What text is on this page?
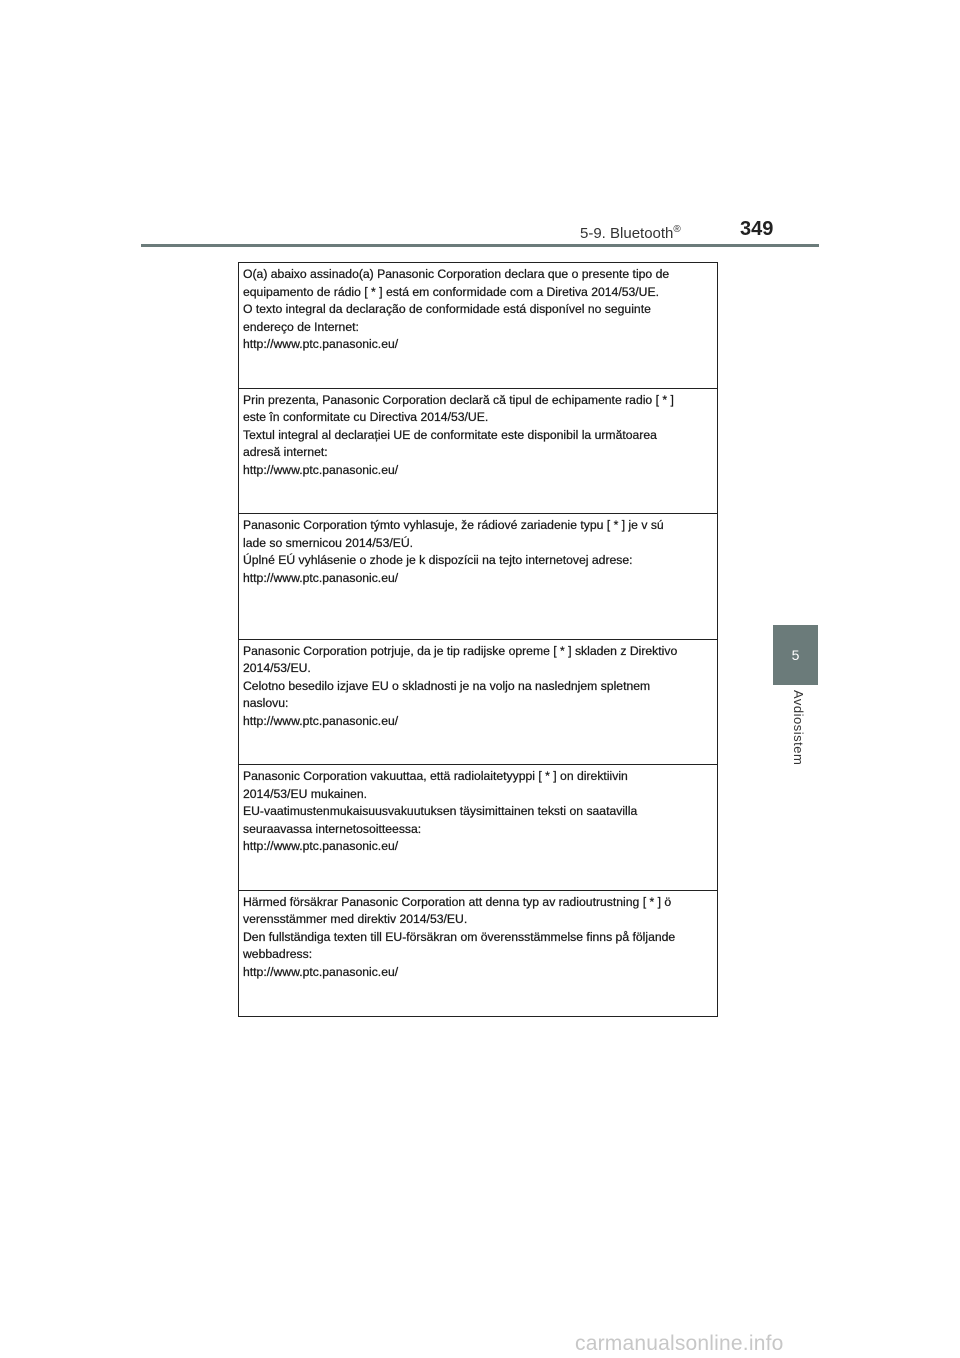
5-9. Bluetooth®	349
5
Avdiosistem
O(a) abaixo assinado(a) Panasonic Corporation declara que o presente tipo de
equipamento de rádio [ * ] está em conformidade com a Diretiva 2014/53/UE.
O texto integral da declaração de conformidade está disponível no seguinte
endereço de Internet:
http://www.ptc.panasonic.eu/
Prin prezenta, Panasonic Corporation declară că tipul de echipamente radio [ * ]
este în conformitate cu Directiva 2014/53/UE.
Textul integral al declarației UE de conformitate este disponibil la următoarea
adresă internet:
http://www.ptc.panasonic.eu/
Panasonic Corporation týmto vyhlasuje, že rádiové zariadenie typu [ * ] je v sú
lade so smernicou 2014/53/EÚ.
Úplné EÚ vyhlásenie o zhode je k dispozícii na tejto internetovej adrese:
http://www.ptc.panasonic.eu/
Panasonic Corporation potrjuje, da je tip radijske opreme [ * ] skladen z Direktivo
2014/53/EU.
Celotno besedilo izjave EU o skladnosti je na voljo na naslednjem spletnem
naslovu:
http://www.ptc.panasonic.eu/
Panasonic Corporation vakuuttaa, että radiolaitetyyppi [ * ] on direktiivin
2014/53/EU mukainen.
EU-vaatimustenmukaisuusvakuutuksen täysimittainen teksti on saatavilla
seuraavassa internetosoitteessa:
http://www.ptc.panasonic.eu/
Härmed försäkrar Panasonic Corporation att denna typ av radioutrustning [ * ] ö
verensstämmer med direktiv 2014/53/EU.
Den fullständiga texten till EU-försäkran om överensstämmelse finns på följande
webbadress:
http://www.ptc.panasonic.eu/
carmanualsonline.info
